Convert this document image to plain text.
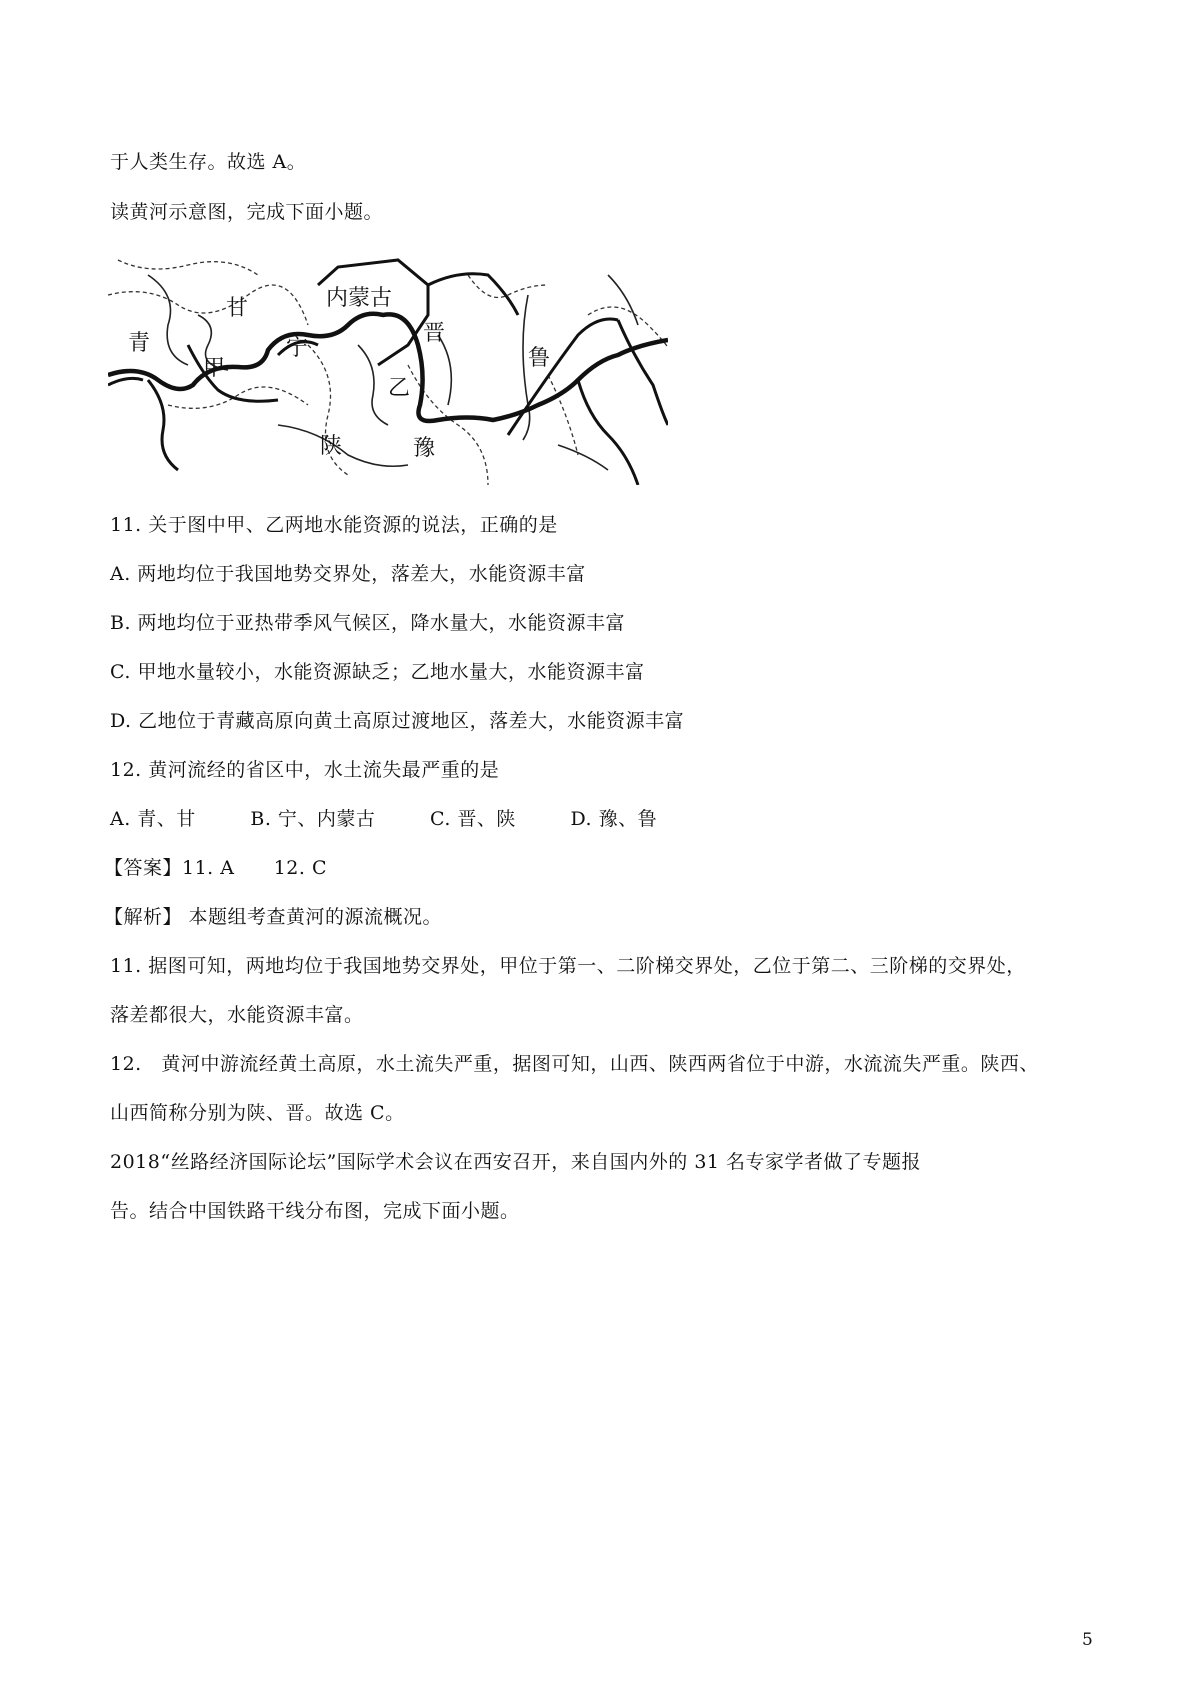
于人类生存。故选 A。
读黄河示意图，完成下面小题。
青
甘
甲
宁
内蒙古
晋
乙
陕	豫
鲁
11. 关于图中甲、乙两地水能资源的说法，正确的是
A. 两地均位于我国地势交界处，落差大，水能资源丰富
B. 两地均位于亚热带季风气候区，降水量大，水能资源丰富
C. 甲地水量较小，水能资源缺乏；乙地水量大，水能资源丰富
D. 乙地位于青藏高原向黄土高原过渡地区，落差大，水能资源丰富
12. 黄河流经的省区中，水土流失最严重的是
A. 青、甘	B. 宁、内蒙古	C. 晋、陕	D. 豫、鲁
【答案】11. A      12. C
【解析】 本题组考查黄河的源流概况。
11. 据图可知，两地均位于我国地势交界处，甲位于第一、二阶梯交界处，乙位于第二、三阶梯的交界处，
落差都很大，水能资源丰富。
12.   黄河中游流经黄土高原，水土流失严重，据图可知，山西、陕西两省位于中游，水流流失严重。陕西、
山西简称分别为陕、晋。故选 C。
2018“丝路经济国际论坛”国际学术会议在西安召开，来自国内外的 31 名专家学者做了专题报
告。结合中国铁路干线分布图，完成下面小题。
5
